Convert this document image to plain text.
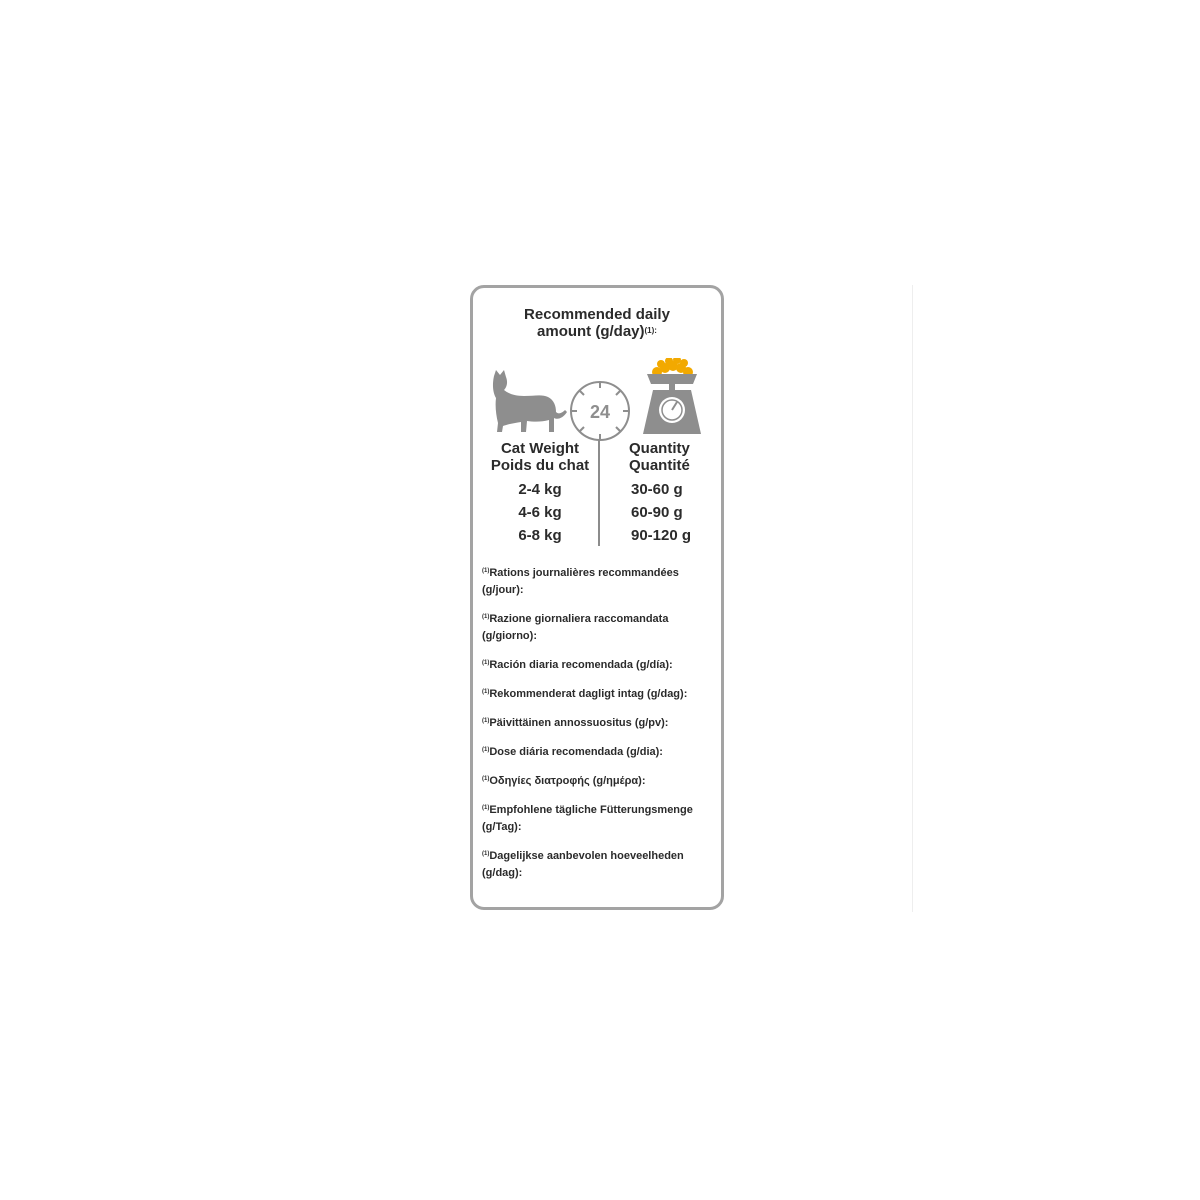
Recommended daily
amount $(g/day)^{(1):}$
24
Cat Weight
Poids du chat
Quantity
Quantité
2-4 kg
4-6 kg
6-8 kg
30-60 g
60-90 g
90-120 g
$^{(1)}$Rations journalières recommandées (g/jour):
$^{(1)}$Razione giornaliera raccomandata (g/giorno):
$^{(1)}$Ración diaria recomendada (g/día):
$^{(1)}$Rekommenderat dagligt intag (g/dag):
$^{(1)}$Päivittäinen annossuositus (g/pv):
$^{(1)}$Dose diária recomendada (g/dia):
$^{(1)}$Οδηγίες διατροφής (g/ημέρα):
$^{(1)}$Empfohlene tägliche Fütterungsmenge (g/Tag):
$^{(1)}$Dagelijkse aanbevolen hoeveelheden (g/dag):
